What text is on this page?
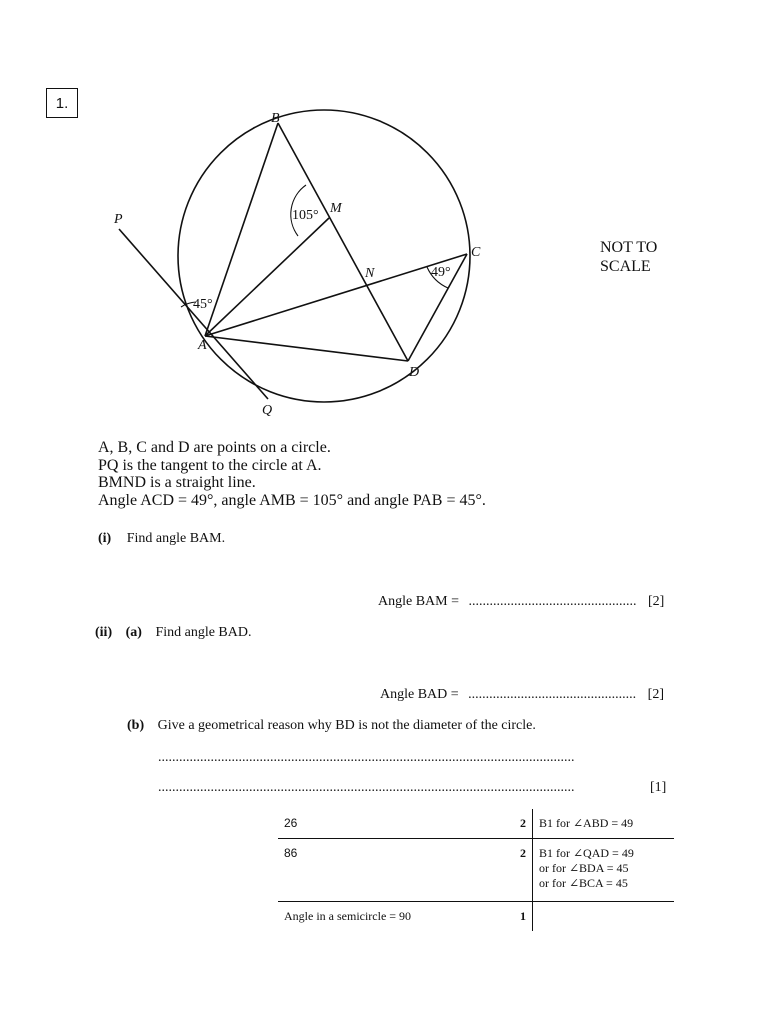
1.
B
M
P
C
N
A
D
Q
105°
49°
45°
NOT TO
SCALE
A, B, C and D are points on a circle.
PQ is the tangent to the circle at A.
BMND is a straight line.
Angle ACD = 49°, angle AMB = 105° and angle PAB = 45°.
(i) Find angle BAM.
Angle BAM = ................................................ [2]
(ii) (a) Find angle BAD.
Angle BAD = ................................................ [2]
(b) Give a geometrical reason why BD is not the diameter of the circle.
.......................................................................................................................
.......................................................................................................................	[1]
26	2	B1 for ∠ABD = 49

86	2	B1 for ∠QAD = 49
or for ∠BDA = 45
or for ∠BCA = 45

Angle in a semicircle = 90	1	
